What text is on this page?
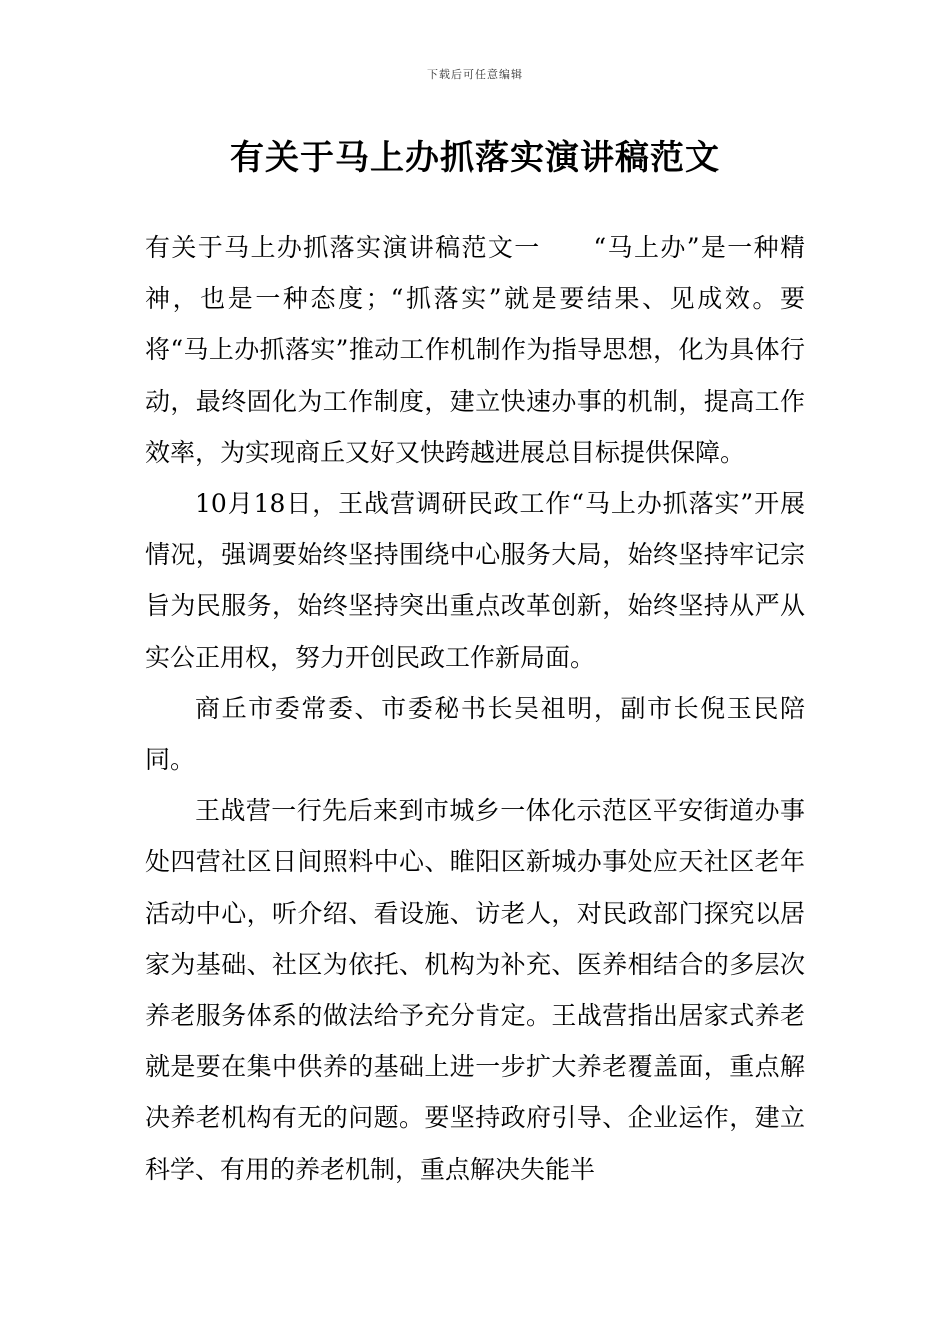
下载后可任意编辑
有关于马上办抓落实演讲稿范文

有关于马上办抓落实演讲稿范文一　　“马上办”是一种精神，也是一种态度；“抓落实”就是要结果、见成效。要将“马上办抓落实”推动工作机制作为指导思想，化为具体行动，最终固化为工作制度，建立快速办事的机制，提高工作效率，为实现商丘又好又快跨越进展总目标提供保障。

10月18日，王战营调研民政工作“马上办抓落实”开展情况，强调要始终坚持围绕中心服务大局，始终坚持牢记宗旨为民服务，始终坚持突出重点改革创新，始终坚持从严从实公正用权，努力开创民政工作新局面。

商丘市委常委、市委秘书长吴祖明，副市长倪玉民陪同。

王战营一行先后来到市城乡一体化示范区平安街道办事处四营社区日间照料中心、睢阳区新城办事处应天社区老年活动中心，听介绍、看设施、访老人，对民政部门探究以居家为基础、社区为依托、机构为补充、医养相结合的多层次养老服务体系的做法给予充分肯定。王战营指出居家式养老就是要在集中供养的基础上进一步扩大养老覆盖面，重点解决养老机构有无的问题。要坚持政府引导、企业运作，建立科学、有用的养老机制，重点解决失能半
